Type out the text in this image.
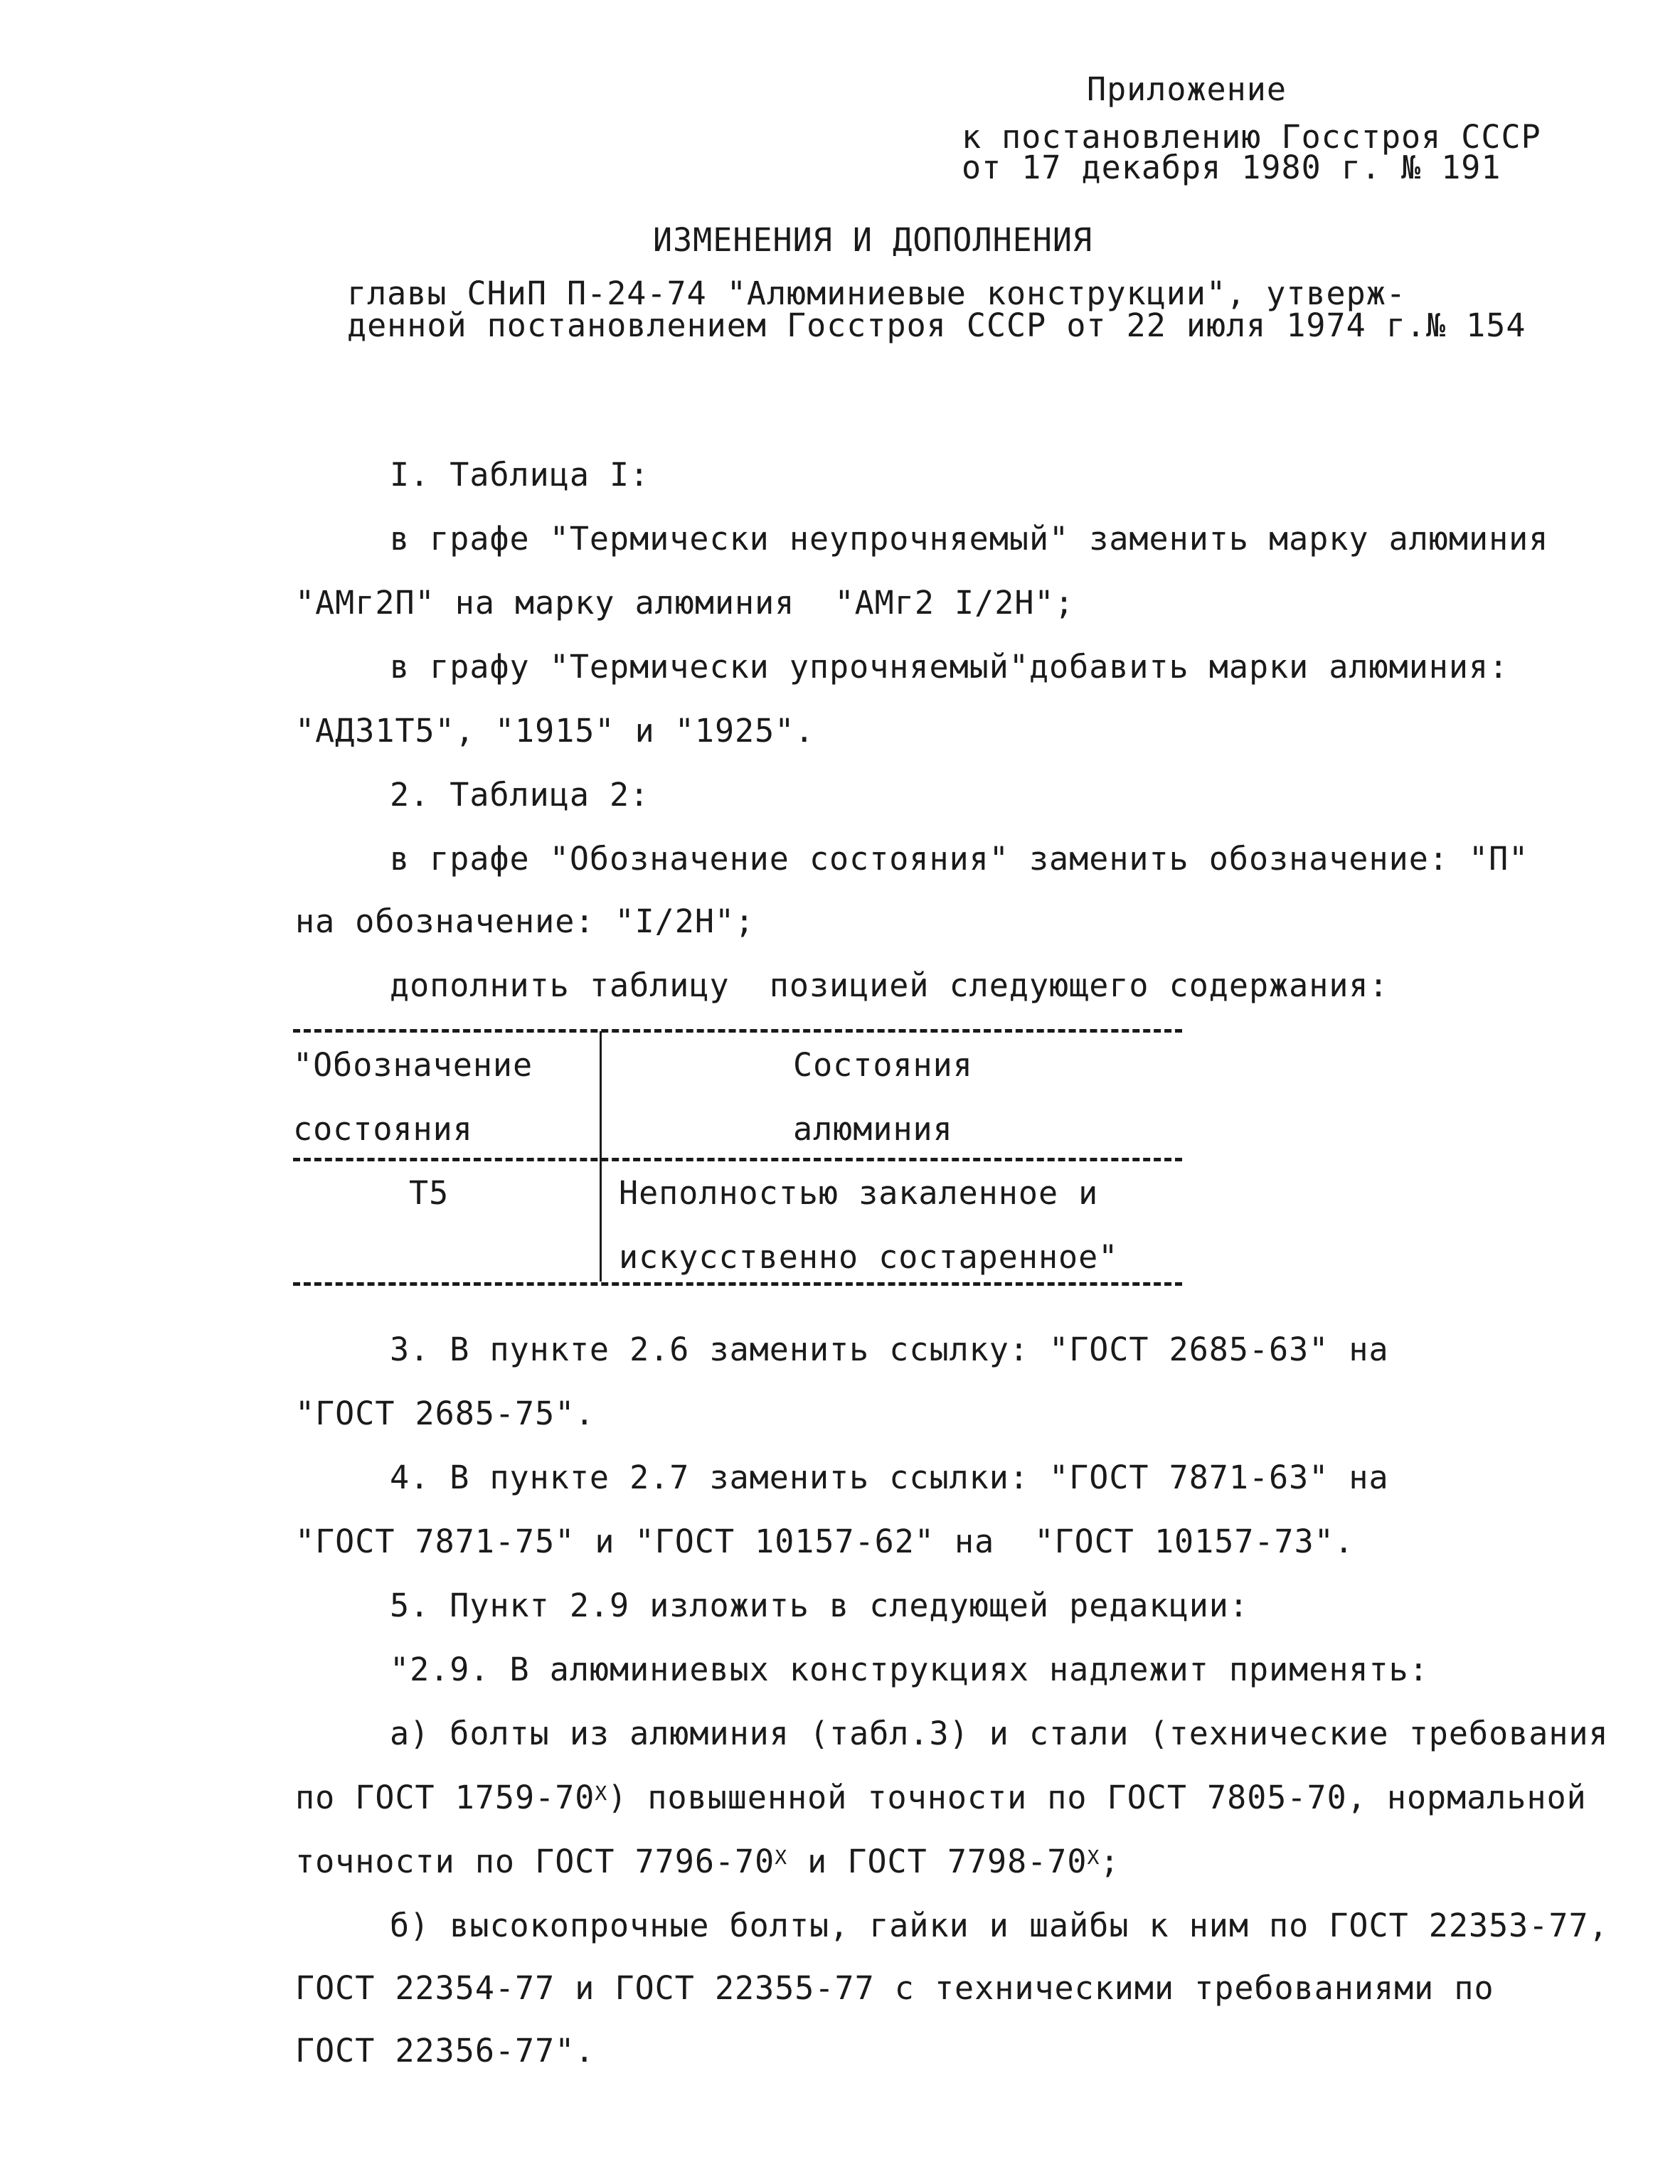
Приложение
к постановлению Госстроя СССР
от 17 декабря 1980 г. № 191
ИЗМЕНЕНИЯ И ДОПОЛНЕНИЯ
главы СНиП П-24-74 "Алюминиевые конструкции", утверж-
денной постановлением Госстроя СССР от 22 июля 1974 г.№ 154
I. Таблица I:
в графе "Термически неупрочняемый" заменить марку алюминия
"АМг2П" на марку алюминия  "АМг2 I/2Н";
в графу "Термически упрочняемый"добавить марки алюминия:
"АД31Т5", "1915" и "1925".
2. Таблица 2:
в графе "Обозначение состояния" заменить обозначение: "П"
на обозначение: "I/2Н";
дополнить таблицу  позицией следующего содержания:
"Обозначение
состояния
Состояния
алюминия
Т5	Неполностью закаленное и
искусственно состаренное"
3. В пункте 2.6 заменить ссылку: "ГОСТ 2685-63" на
"ГОСТ 2685-75".
4. В пункте 2.7 заменить ссылки: "ГОСТ 7871-63" на
"ГОСТ 7871-75" и "ГОСТ 10157-62" на  "ГОСТ 10157-73".
5. Пункт 2.9 изложить в следующей редакции:
"2.9. В алюминиевых конструкциях надлежит применять:
а) болты из алюминия (табл.3) и стали (технические требования
по ГОСТ $1759-70^X$) повышенной точности по ГОСТ 7805-70, нормальной
точности по ГОСТ $7796-70^X$ и ГОСТ $7798-70^X$;
б) высокопрочные болты, гайки и шайбы к ним по ГОСТ 22353-77,
ГОСТ 22354-77 и ГОСТ 22355-77 с техническими требованиями по
ГОСТ 22356-77".
